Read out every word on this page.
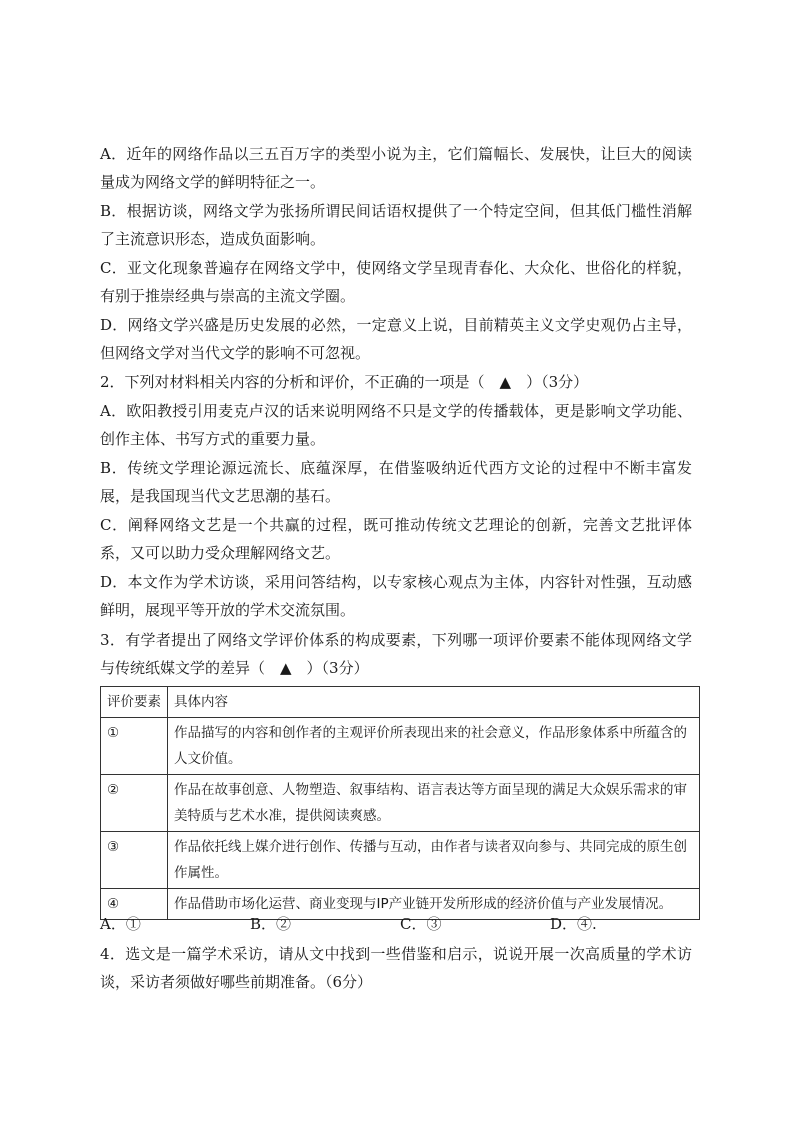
A．近年的网络作品以三五百万字的类型小说为主，它们篇幅长、发展快，让巨大的阅读量成为网络文学的鲜明特征之一。

B．根据访谈，网络文学为张扬所谓民间话语权提供了一个特定空间，但其低门槛性消解了主流意识形态，造成负面影响。

C．亚文化现象普遍存在网络文学中，使网络文学呈现青春化、大众化、世俗化的样貌，有别于推崇经典与崇高的主流文学圈。

D．网络文学兴盛是历史发展的必然，一定意义上说，目前精英主义文学史观仍占主导，但网络文学对当代文学的影响不可忽视。

2．下列对材料相关内容的分析和评价，不正确的一项是（　▲　）（3分）

A．欧阳教授引用麦克卢汉的话来说明网络不只是文学的传播载体，更是影响文学功能、创作主体、书写方式的重要力量。

B．传统文学理论源远流长、底蕴深厚，在借鉴吸纳近代西方文论的过程中不断丰富发展，是我国现当代文艺思潮的基石。

C．阐释网络文艺是一个共赢的过程，既可推动传统文艺理论的创新，完善文艺批评体系，又可以助力受众理解网络文艺。

D．本文作为学术访谈，采用问答结构，以专家核心观点为主体，内容针对性强，互动感鲜明，展现平等开放的学术交流氛围。

3．有学者提出了网络文学评价体系的构成要素，下列哪一项评价要素不能体现网络文学与传统纸媒文学的差异（　▲　）（3分）

评价要素	具体内容
①	作品描写的内容和创作者的主观评价所表现出来的社会意义，作品形象体系中所蕴含的人文价值。
②	作品在故事创意、人物塑造、叙事结构、语言表达等方面呈现的满足大众娱乐需求的审美特质与艺术水准，提供阅读爽感。
③	作品依托线上媒介进行创作、传播与互动，由作者与读者双向参与、共同完成的原生创作属性。
④	作品借助市场化运营、商业变现与IP产业链开发所形成的经济价值与产业发展情况。
A．①	B．②	C．③	D．④.

4．选文是一篇学术采访，请从文中找到一些借鉴和启示，说说开展一次高质量的学术访谈，采访者须做好哪些前期准备。（6分）
